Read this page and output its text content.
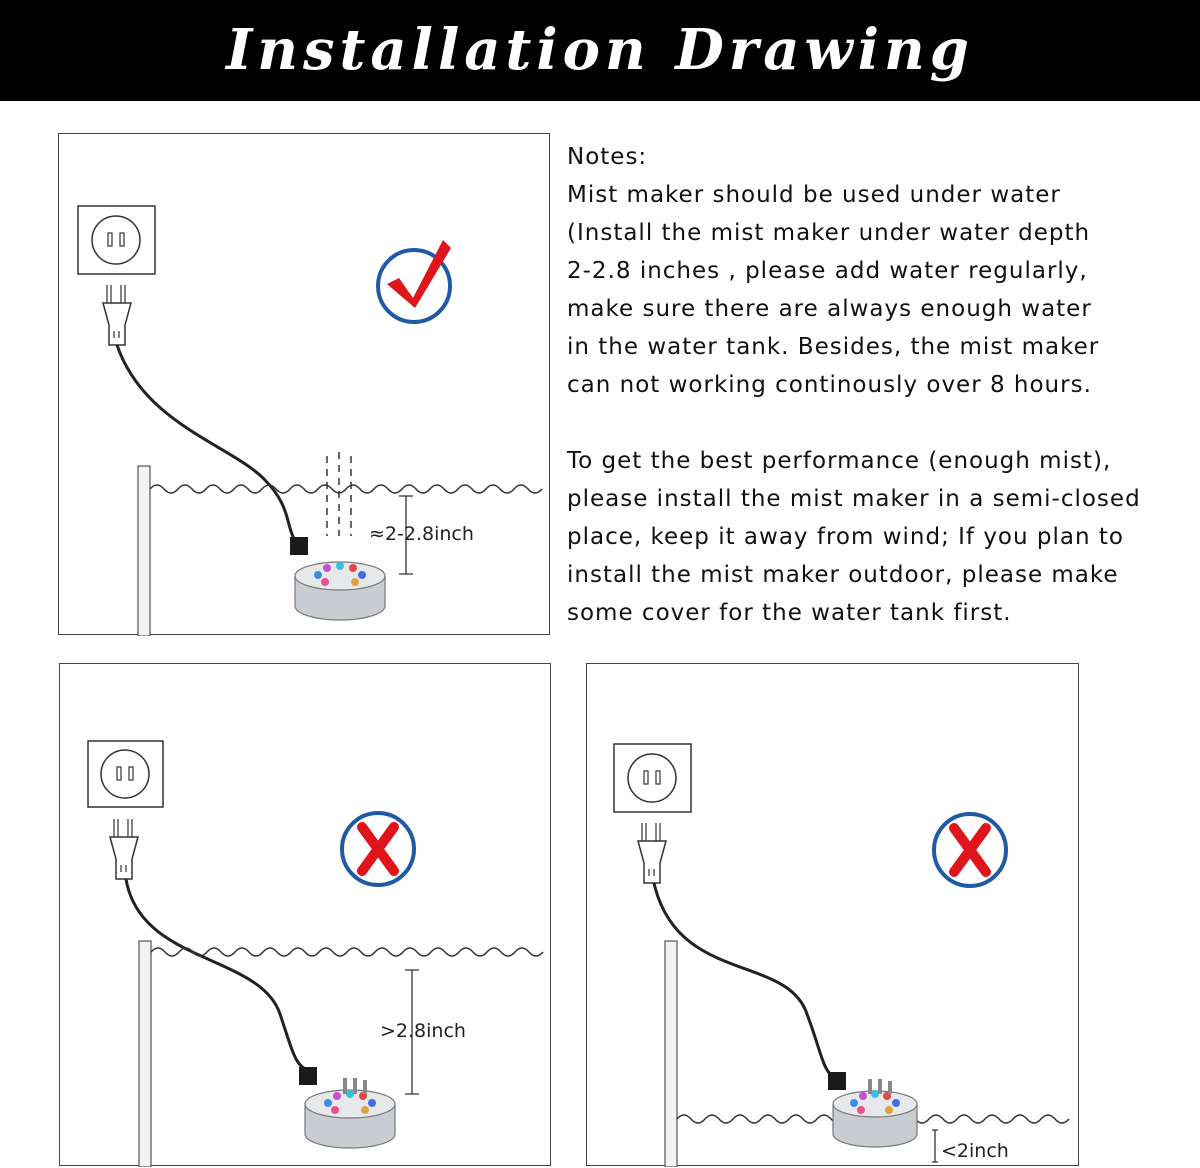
Installation Drawing
≈2-2.8inch

Notes:

Mist maker should be used under water

(Install the mist maker under water depth

2-2.8 inches , please add water regularly,

make sure there are always enough water

in the water tank. Besides, the mist maker

can not working continously over 8 hours.

To get the best performance (enough mist),

please install the mist maker in a semi-closed

place, keep it away from wind; If you plan to

install the mist maker outdoor, please make

some cover for the water tank first.

>2.8inch
<2inch
